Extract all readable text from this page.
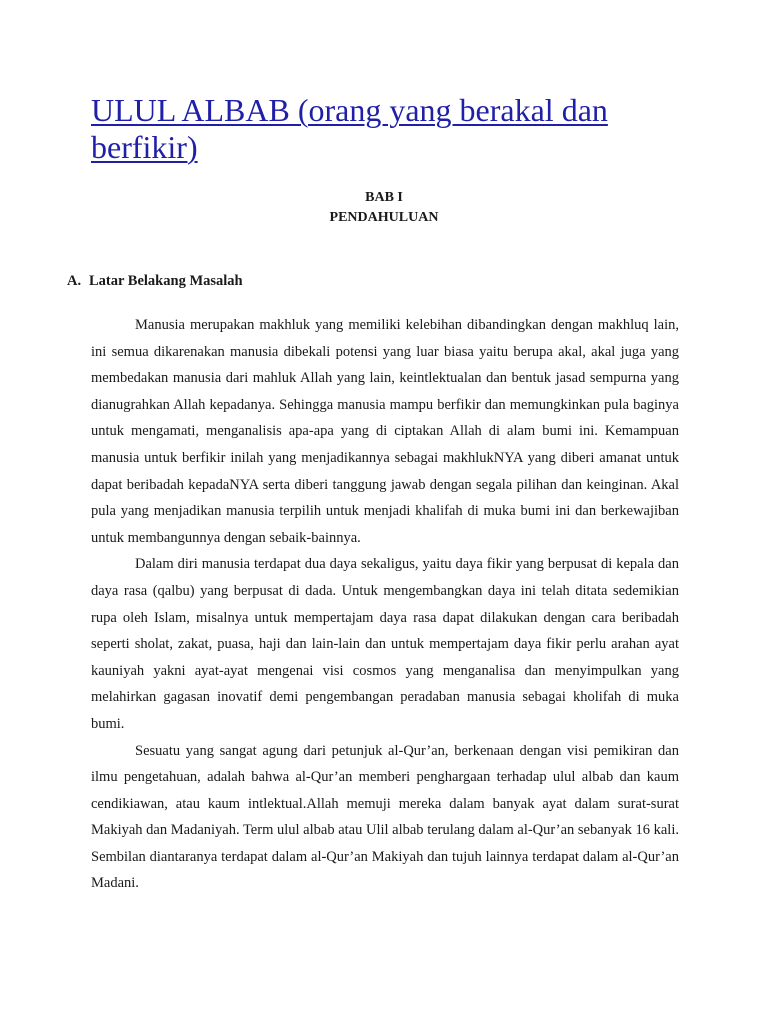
ULUL ALBAB (orang yang berakal dan berfikir)
BAB I
PENDAHULUAN
A. Latar Belakang Masalah

Manusia merupakan makhluk yang memiliki kelebihan dibandingkan dengan makhluq lain, ini semua dikarenakan manusia dibekali potensi yang luar biasa yaitu berupa akal, akal juga yang membedakan manusia dari mahluk Allah yang lain, keintlektualan dan bentuk jasad sempurna yang dianugrahkan Allah kepadanya. Sehingga manusia mampu berfikir dan memungkinkan pula baginya untuk mengamati, menganalisis apa-apa yang di ciptakan Allah di alam bumi ini. Kemampuan manusia untuk berfikir inilah yang menjadikannya sebagai makhlukNYA yang diberi amanat untuk dapat beribadah kepadaNYA serta diberi tanggung jawab dengan segala pilihan dan keinginan. Akal pula yang menjadikan manusia terpilih untuk menjadi khalifah di muka bumi ini dan berkewajiban untuk membangunnya dengan sebaik-bainnya.

Dalam diri manusia terdapat dua daya sekaligus, yaitu daya fikir yang berpusat di kepala dan daya rasa (qalbu) yang berpusat di dada. Untuk mengembangkan daya ini telah ditata sedemikian rupa oleh Islam, misalnya untuk mempertajam daya rasa dapat dilakukan dengan cara beribadah seperti sholat, zakat, puasa, haji dan lain-lain dan untuk mempertajam daya fikir perlu arahan ayat kauniyah yakni ayat-ayat mengenai visi cosmos yang menganalisa dan menyimpulkan yang melahirkan gagasan inovatif demi pengembangan peradaban manusia sebagai kholifah di muka bumi.

Sesuatu yang sangat agung dari petunjuk al-Qur’an, berkenaan dengan visi pemikiran dan ilmu pengetahuan, adalah bahwa al-Qur’an memberi penghargaan terhadap ulul albab dan kaum cendikiawan, atau kaum intlektual.Allah memuji mereka dalam banyak ayat dalam surat-surat Makiyah dan Madaniyah. Term ulul albab atau Ulil albab terulang dalam al-Qur’an sebanyak 16 kali. Sembilan diantaranya terdapat dalam al-Qur’an Makiyah dan tujuh lainnya terdapat dalam al-Qur’an Madani.
